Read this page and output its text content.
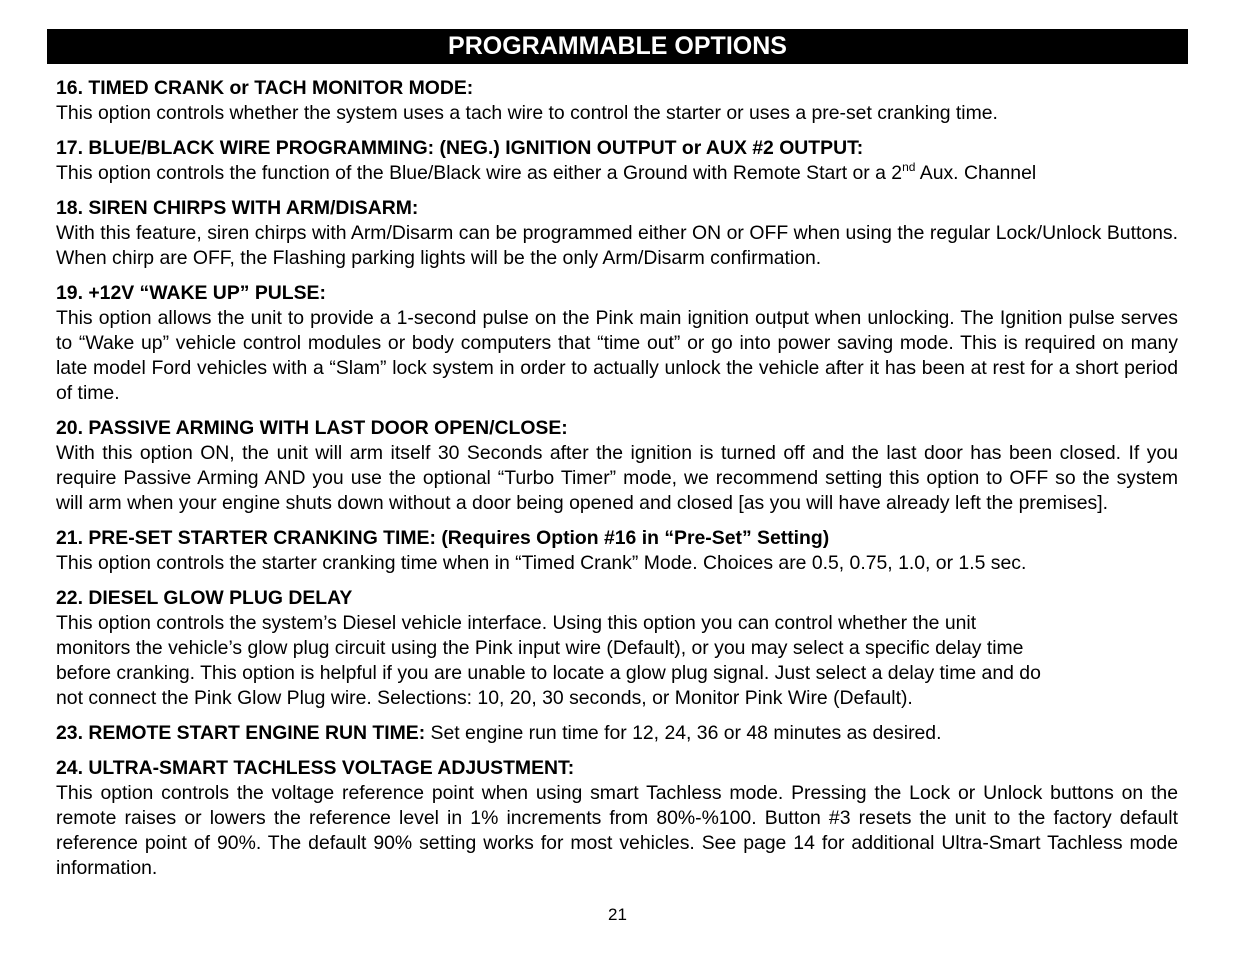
PROGRAMMABLE OPTIONS
16. TIMED CRANK or TACH MONITOR MODE:

This option controls whether the system uses a tach wire to control the starter or uses a pre-set cranking time.

17. BLUE/BLACK WIRE PROGRAMMING: (NEG.) IGNITION OUTPUT or AUX #2 OUTPUT:

This option controls the function of the Blue/Black wire as either a Ground with Remote Start or a 2nd Aux. Channel

18. SIREN CHIRPS WITH ARM/DISARM:

With this feature, siren chirps with Arm/Disarm can be programmed either ON or OFF when using the regular Lock/Unlock Buttons. When chirp are OFF, the Flashing parking lights will be the only Arm/Disarm confirmation.

19. +12V “WAKE UP” PULSE:

This option allows the unit to provide a 1-second pulse on the Pink main ignition output when unlocking. The Ignition pulse serves to “Wake up” vehicle control modules or body computers that “time out” or go into power saving mode. This is required on many late model Ford vehicles with a “Slam” lock system in order to actually unlock the vehicle after it has been at rest for a short period of time.

20. PASSIVE ARMING WITH LAST DOOR OPEN/CLOSE:

With this option ON, the unit will arm itself 30 Seconds after the ignition is turned off and the last door has been closed. If you require Passive Arming AND you use the optional “Turbo Timer” mode, we recommend setting this option to OFF so the system will arm when your engine shuts down without a door being opened and closed [as you will have already left the premises].

21. PRE-SET STARTER CRANKING TIME: (Requires Option #16 in “Pre-Set” Setting)

This option controls the starter cranking time when in “Timed Crank” Mode. Choices are 0.5, 0.75, 1.0, or 1.5 sec.

22. DIESEL GLOW PLUG DELAY

This option controls the system’s Diesel vehicle interface. Using this option you can control whether the unit
monitors the vehicle’s glow plug circuit using the Pink input wire (Default), or you may select a specific delay time
before cranking. This option is helpful if you are unable to locate a glow plug signal. Just select a delay time and do
not connect the Pink Glow Plug wire. Selections: 10, 20, 30 seconds, or Monitor Pink Wire (Default).

23. REMOTE START ENGINE RUN TIME: Set engine run time for 12, 24, 36 or 48 minutes as desired.

24. ULTRA-SMART TACHLESS VOLTAGE ADJUSTMENT:

This option controls the voltage reference point when using smart Tachless mode. Pressing the Lock or Unlock buttons on the remote raises or lowers the reference level in 1% increments from 80%-%100. Button #3 resets the unit to the factory default reference point of 90%. The default 90% setting works for most vehicles. See page 14 for additional Ultra-Smart Tachless mode information.

21
